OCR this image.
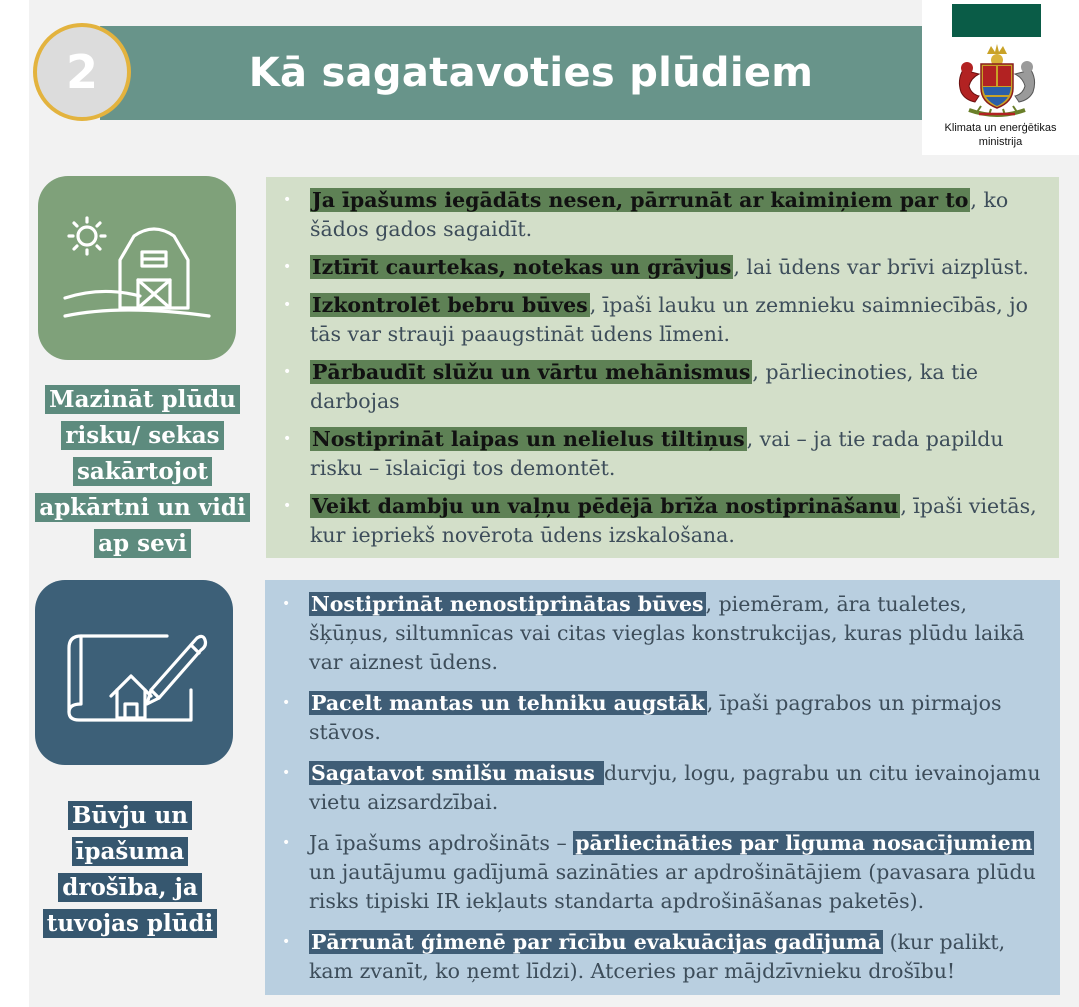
Kā sagatavoties plūdiem
2
Klimata un enerģētikas
ministrija
Mazināt plūdu
risku/ sekas
sakārtojot
apkārtni un vidi
ap sevi
• Ja īpašums iegādāts nesen, pārrunāt ar kaimiņiem par to, ko šādos gados sagaidīt.
• Iztīrīt caurtekas, notekas un grāvjus, lai ūdens var brīvi aizplūst.
• Izkontrolēt bebru būves, īpaši lauku un zemnieku saimniecībās, jo tās var strauji paaugstināt ūdens līmeni.
• Pārbaudīt slūžu un vārtu mehānismus, pārliecinoties, ka tie darbojas
• Nostiprināt laipas un nelielus tiltiņus, vai – ja tie rada papildu risku – īslaicīgi tos demontēt.
• Veikt dambju un vaļņu pēdējā brīža nostiprināšanu, īpaši vietās, kur iepriekš novērota ūdens izskalošana.
Būvju un
īpašuma
drošība, ja
tuvojas plūdi
• Nostiprināt nenostiprinātas būves, piemēram, āra tualetes, šķūņus, siltumnīcas vai citas vieglas konstrukcijas, kuras plūdu laikā var aiznest ūdens.
• Pacelt mantas un tehniku augstāk, īpaši pagrabos un pirmajos stāvos.
• Sagatavot smilšu maisus durvju, logu, pagrabu un citu ievainojamu vietu aizsardzībai.
• Ja īpašums apdrošināts – pārliecināties par līguma nosacījumiem un jautājumu gadījumā sazināties ar apdrošinātājiem (pavasara plūdu risks tipiski IR iekļauts standarta apdrošināšanas paketēs).
• Pārrunāt ģimenē par rīcību evakuācijas gadījumā (kur palikt, kam zvanīt, ko ņemt līdzi). Atceries par mājdzīvnieku drošību!
